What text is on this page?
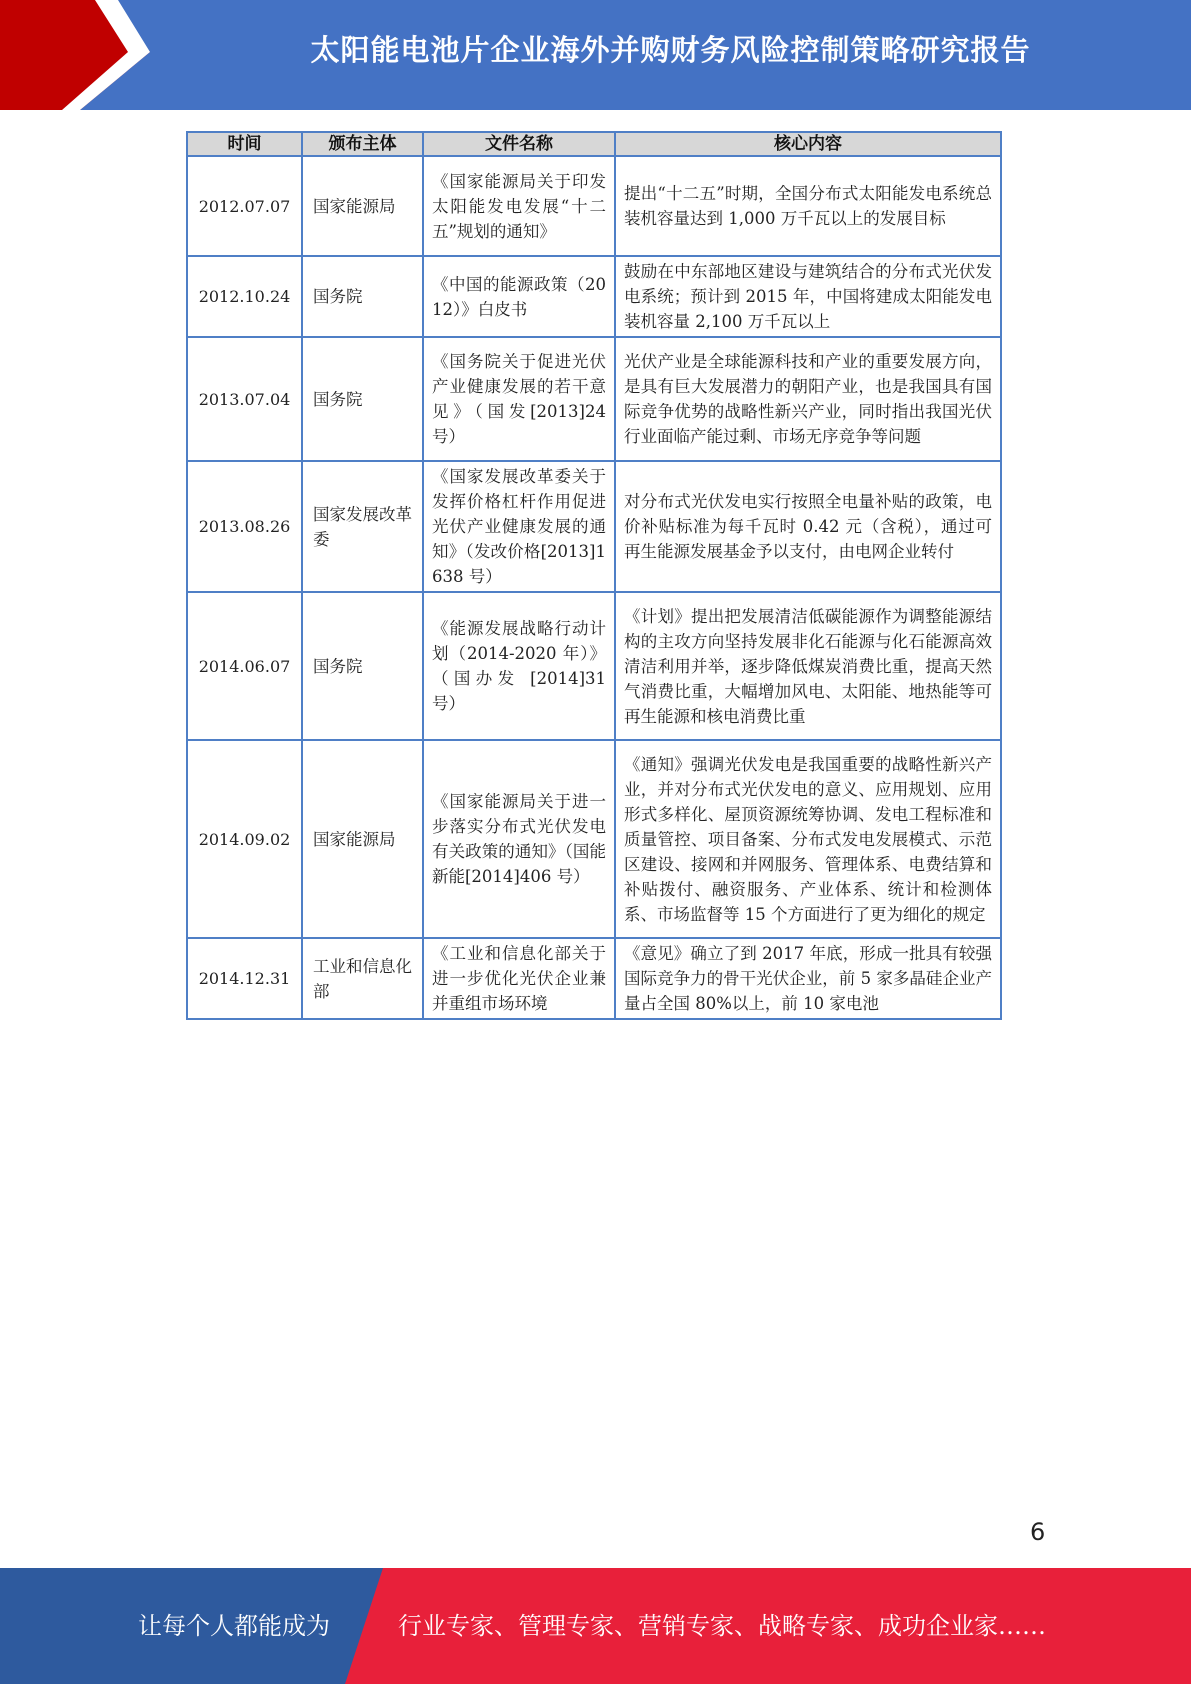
太阳能电池片企业海外并购财务风险控制策略研究报告
时间	颁布主体	文件名称	核心内容
2012.07.07	国家能源局	《国家能源局关于印发太阳能发电发展“十二五”规划的通知》	提出“十二五”时期，全国分布式太阳能发电系统总装机容量达到 1,000 万千瓦以上的发展目标
2012.10.24	国务院	《中国的能源政策（2012）》白皮书	鼓励在中东部地区建设与建筑结合的分布式光伏发电系统；预计到 2015 年，中国将建成太阳能发电装机容量 2,100 万千瓦以上
2013.07.04	国务院	《国务院关于促进光伏产业健康发展的若干意见》（国发[2013]24 号）	光伏产业是全球能源科技和产业的重要发展方向，是具有巨大发展潜力的朝阳产业，也是我国具有国际竞争优势的战略性新兴产业，同时指出我国光伏行业面临产能过剩、市场无序竞争等问题
2013.08.26	国家发展改革委	《国家发展改革委关于发挥价格杠杆作用促进光伏产业健康发展的通知》（发改价格[2013]1638 号）	对分布式光伏发电实行按照全电量补贴的政策，电价补贴标准为每千瓦时 0.42 元（含税），通过可再生能源发展基金予以支付，由电网企业转付
2014.06.07	国务院	《能源发展战略行动计划（2014-2020 年）》（国办发 [2014]31 号）	《计划》提出把发展清洁低碳能源作为调整能源结构的主攻方向坚持发展非化石能源与化石能源高效清洁利用并举，逐步降低煤炭消费比重，提高天然气消费比重，大幅增加风电、太阳能、地热能等可再生能源和核电消费比重
2014.09.02	国家能源局	《国家能源局关于进一步落实分布式光伏发电有关政策的通知》（国能新能[2014]406 号）	《通知》强调光伏发电是我国重要的战略性新兴产业，并对分布式光伏发电的意义、应用规划、应用形式多样化、屋顶资源统筹协调、发电工程标准和质量管控、项目备案、分布式发电发展模式、示范区建设、接网和并网服务、管理体系、电费结算和补贴拨付、融资服务、产业体系、统计和检测体系、市场监督等 15 个方面进行了更为细化的规定
2014.12.31	工业和信息化部	《工业和信息化部关于进一步优化光伏企业兼并重组市场环境	《意见》确立了到 2017 年底，形成一批具有较强国际竞争力的骨干光伏企业，前 5 家多晶硅企业产量占全国 80%以上，前 10 家电池
6
让每个人都能成为	行业专家、管理专家、营销专家、战略专家、成功企业家……
